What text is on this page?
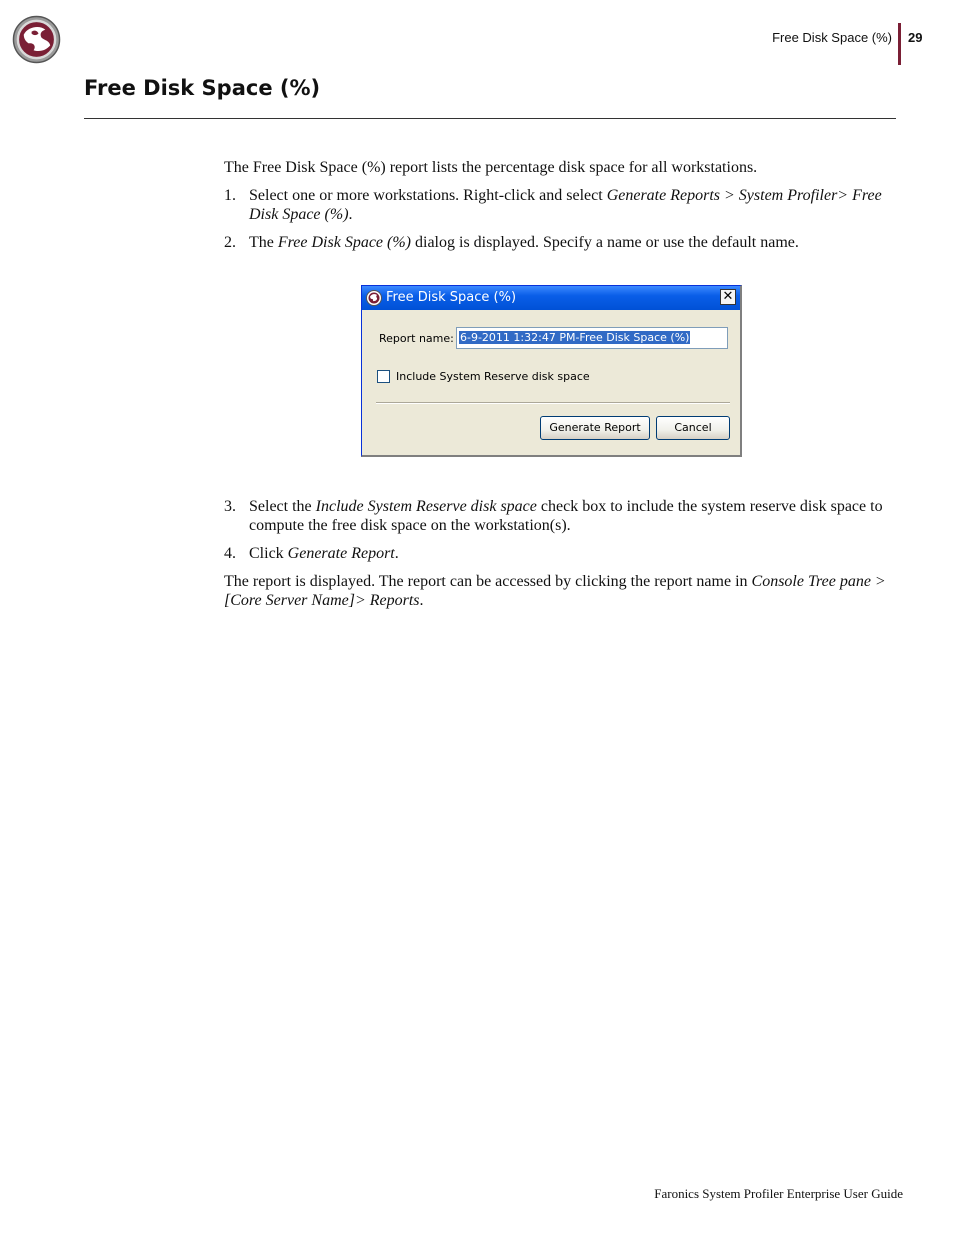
Free Disk Space (%) 29
Free Disk Space (%)

The Free Disk Space (%) report lists the percentage disk space for all workstations.

1. Select one or more workstations. Right-click and select Generate Reports > System Profiler> Free Disk Space (%).
2. The Free Disk Space (%) dialog is displayed. Specify a name or use the default name.
3. Select the Include System Reserve disk space check box to include the system reserve disk space to compute the free disk space on the workstation(s).
4. Click Generate Report.

The report is displayed. The report can be accessed by clicking the report name in Console Tree pane > [Core Server Name]> Reports.

Free Disk Space (%)	✕
Report name: 6-9-2011 1:32:47 PM-Free Disk Space (%)
Include System Reserve disk space
Generate Report	Cancel
Faronics System Profiler Enterprise User Guide
